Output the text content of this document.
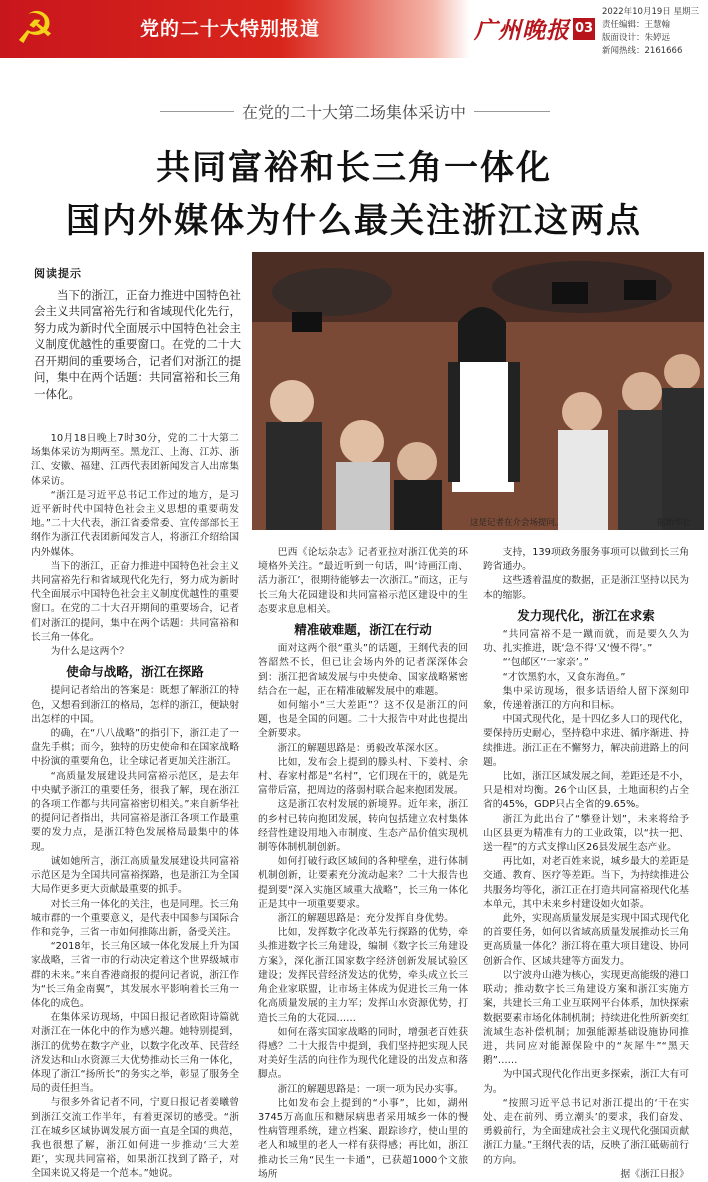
☭	党的二十大特别报道	广州晚报 03
2022年10月19日 星期三
责任编辑：王慧翰
版面设计：朱婷远
新闻热线：2161666
在党的二十大第二场集体采访中
共同富裕和长三角一体化
国内外媒体为什么最关注浙江这两点
阅读提示

当下的浙江，正奋力推进中国特色社会主义共同富裕先行和省域现代化先行，努力成为新时代全面展示中国特色社会主义制度优越性的重要窗口。在党的二十大召开期间的重要场合，记者们对浙江的提问，集中在两个话题：共同富裕和长三角一体化。

这是记者在介会场提问。	据新华社

10月18日晚上7时30分，党的二十大第二场集体采访为期两至。黑龙江、上海、江苏、浙江、安徽、福建、江西代表团新闻发言人出席集体采访。

“浙江是习近平总书记工作过的地方，是习近平新时代中国特色社会主义思想的重要萌发地。”二十大代表，浙江省委常委、宣传部部长王纲作为浙江代表团新闻发言人，将浙江介绍给国内外媒体。

当下的浙江，正奋力推进中国特色社会主义共同富裕先行和省域现代化先行，努力成为新时代全面展示中国特色社会主义制度优越性的重要窗口。在党的二十大召开期间的重要场合，记者们对浙江的提问，集中在两个话题：共同富裕和长三角一体化。

为什么是这两个？

使命与战略，浙江在探路

提问记者给出的答案是：既想了解浙江的特色，又想看到浙江的格局，怎样的浙江，便缺射出怎样的中国。

的确，在“八八战略”的指引下，浙江走了一盘先手棋；而今，独特的历史使命和在国家战略中扮演的重要角色，让全球记者更加关注浙江。

“高质量发展建设共同富裕示范区，是去年中央赋予浙江的重要任务，很我了解，现在浙江的各项工作都与共同富裕密切相关。”来自新华社的提问记者指出，共同富裕是浙江各项工作最重要的发力点，是浙江特色发展格局最集中的体现。

诚如她所言，浙江高质量发展建设共同富裕示范区是为全国共同富裕探路，也是浙江为全国大局作更多更大贡献最重要的抓手。

对长三角一体化的关注，也是同理。长三角城市群的一个重要意义，是代表中国参与国际合作和竞争，三省一市如何推陈出新，备受关注。

“2018年，长三角区域一体化发展上升为国家战略，三省一市的行动决定着这个世界级城市群的未来。”来自香港商报的提问记者说，浙江作为“长三角金南翼”，其发展水平影响着长三角一体化的成色。

在集体采访现场，中国日报记者欧阳诗篇就对浙江在一体化中的作为感兴趣。她特别提到，浙江的优势在数字产业，以数字化改革、民营经济发达和山水资源三大优势推动长三角一体化，体现了浙江“扬所长”的务实之举，彰显了服务全局的责任担当。

与很多外省记者不同，宁夏日报记者姜曦曾到浙江交流工作半年，有着更深切的感受。“浙江在城乡区域协调发展方面一直是全国的典范，我也很想了解，浙江如何进一步推动‘三大差距’，实现共同富裕，如果浙江找到了路子，对全国来说又将是一个范本。”她说。

巴西《论坛杂志》记者亚拉对浙江优美的环境格外关注。“最近听到一句话，叫‘诗画江南、活力浙江’，很期待能够去一次浙江。”而这，正与长三角大花园建设和共同富裕示范区建设中的生态要求息息相关。

精准破难题，浙江在行动

面对这两个很“重头”的话题，王纲代表的回答韶然不长，但已让会场内外的记者深深体会到：浙江把省域发展与中央使命、国家战略紧密结合在一起，正在精准破解发展中的难题。

如何缩小“三大差距”？这不仅是浙江的问题，也是全国的问题。二十大报告中对此也提出全新要求。

浙江的解题思路是：勇毅改革深水区。

比如，发布会上提到的滕头村、下姜村、余村、春家村都是“名村”，它们现在干的，就是先富带后富，把周边的落弱村联合起来抱团发展。

这是浙江农村发展的新境界。近年来，浙江的乡村已转向抱团发展，转向包括建立农村集体经营性建设用地入市制度、生态产品价值实现机制等体制机制创新。

如何打破行政区域间的各种壁垒，进行体制机制创新，让要素充分流动起来？二十大报告也提到要“深入实施区域重大战略”，长三角一体化正是其中一项重要要求。

浙江的解题思路是：充分发挥自身优势。

比如，发挥数字化改革先行探路的优势，牵头推进数字长三角建设，编制《数字长三角建设方案》，深化浙江国家数字经济创新发展试验区建设；发挥民营经济发达的优势，牵头成立长三角企业家联盟，让市场主体成为促进长三角一体化高质量发展的主力军；发挥山水资源优势，打造长三角的大花园……

如何在落实国家战略的同时，增强老百姓获得感？二十大报告中提到，我们坚持把实现人民对美好生活的向往作为现代化建设的出发点和落脚点。

浙江的解题思路是：一项一项为民办实事。

比如发布会上提到的“小事”，比如，湖州3745万高血压和糖尿病患者采用城乡一体的慢性病管理系统，建立档案、跟踪诊疗，使山里的老人和城里的老人一样有获得感；再比如，浙江推动长三角“民生一卡通”，已获超1000个文旅场所

支持，139项政务服务事项可以做到长三角跨省通办。

这些透着温度的数据，正是浙江坚持以民为本的缩影。

发力现代化，浙江在求索

“共同富裕不是一蹴而就，而是要久久为功、扎实推进，既‘急不得’又‘慢不得’。”

“‘包邮区’‘一家亲’。”

“才饮黑豹水，又食东海鱼。”

集中采访现场，很多话语给人留下深刻印象，传递着浙江的方向和目标。

中国式现代化，是十四亿多人口的现代化，要保持历史耐心，坚持稳中求进、循序渐进、持续推进。浙江正在不懈努力，解决前进路上的问题。

比如，浙江区域发展之间，差距还是不小，只是相对均衡。26个山区县，土地面积约占全省的45%，GDP只占全省的9.65%。

浙江为此出台了“攀登计划”，未来将给予山区县更为精准有力的工业政策，以“扶一把、送一程”的方式支撑山区26县发展生态产业。

再比如，对老百姓来说，城乡最大的差距是交通、教育、医疗等差距。当下，为持续推进公共服务均等化，浙江正在打造共同富裕现代化基本单元，其中未来乡村建设如火如荼。

此外，实现高质量发展是实现中国式现代化的首要任务，如何以省域高质量发展推动长三角更高质量一体化？浙江将在重大项目建设、协同创新合作、区域共建等方面发力。

以宁波舟山港为核心，实现更高能级的港口联动；推动数字长三角建设方案和浙江实施方案，共建长三角工业互联网平台体系，加快探索数据要素市场化体制机制；持续进化性所新奕红流域生态补偿机制；加强能源基础设施协同推进，共同应对能源保险中的“灰犀牛”“黑天鹅”……

为中国式现代化作出更多探索，浙江大有可为。

“按照习近平总书记对浙江提出的‘干在实处、走在前列、勇立潮头’的要求，我们奋发、勇毅前行，为全面建成社会主义现代化强国贡献浙江力量。”王纲代表的话，反映了浙江砥砺前行的方向。

据《浙江日报》
